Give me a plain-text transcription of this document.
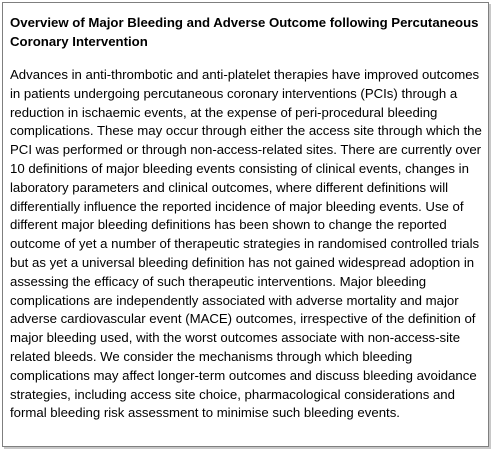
Overview of Major Bleeding and Adverse Outcome following Percutaneous Coronary Intervention

Advances in anti-thrombotic and anti-platelet therapies have improved outcomes in patients undergoing percutaneous coronary interventions (PCIs) through a reduction in ischaemic events, at the expense of peri-procedural bleeding complications. These may occur through either the access site through which the PCI was performed or through non-access-related sites. There are currently over 10 definitions of major bleeding events consisting of clinical events, changes in laboratory parameters and clinical outcomes, where different definitions will differentially influence the reported incidence of major bleeding events. Use of different major bleeding definitions has been shown to change the reported outcome of yet a number of therapeutic strategies in randomised controlled trials but as yet a universal bleeding definition has not gained widespread adoption in assessing the efficacy of such therapeutic interventions. Major bleeding complications are independently associated with adverse mortality and major adverse cardiovascular event (MACE) outcomes, irrespective of the definition of major bleeding used, with the worst outcomes associate with non-access-site related bleeds. We consider the mechanisms through which bleeding complications may affect longer-term outcomes and discuss bleeding avoidance strategies, including access site choice, pharmacological considerations and formal bleeding risk assessment to minimise such bleeding events.
